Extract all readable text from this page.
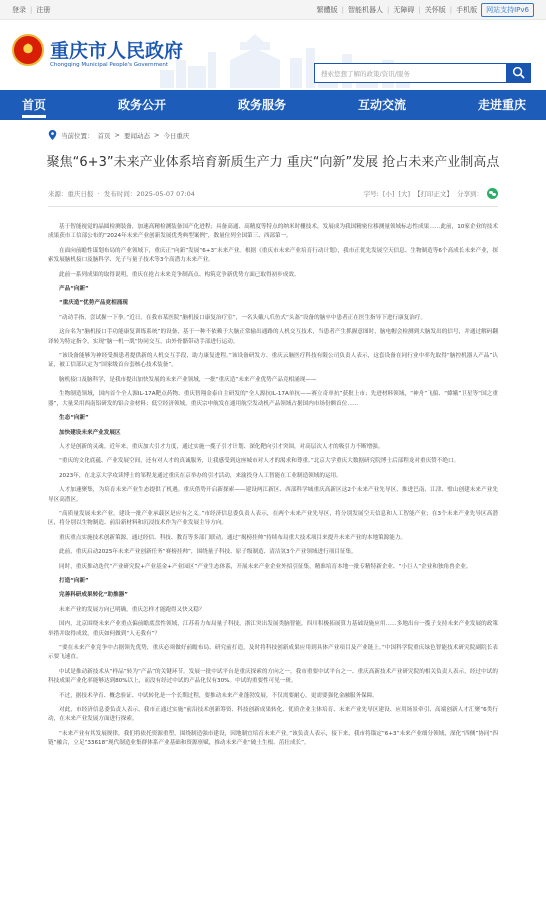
登录 | 注册	繁體版 | 智能机器人 | 无障碍 | 关怀版 | 手机版	网站支持IPv6
★ 重庆市人民政府
Chongqing Municipal People's Government
搜索您想了解的政策/资讯/服务
首页	政务公开	政务服务	互动交流	走进重庆
当前位置： 首页 > 要闻动态 > 今日重庆
聚焦“6+3”未来产业体系培育新质生产力 重庆“向新”发展 抢占未来产业制高点
来源：重庆日报  ·  发布时间：2025-05-07 07:04	字号: [小] [大] 【打印正文】 分享到：

基于智能视觉的晶圆检测装备，加速高精检测装备国产化进程；具备高通、高精度等特点的纳米时栅技术，发展成为我国精密位移测量领域标志性成果……此前，10家企业的技术成果获市工信部公布的“2024年未来产业创新发展优秀典型案例”，数量位列全国第三、西部第一。

在面向前瞻性谋划布局的产业领域下，重庆正“向新”发展“6+3”未来产业。根据《重庆市未来产业培育行动计划》，我市正优先发展空天信息、生物制造等6个高成长未来产业，探索发展脑机接口及脑科学、光子与量子技术等3个高潜力未来产业。

此前一系列成果的取得说明，重庆在抢占未来竞争制高点、构筑竞争新优势方面已取得初步成效。

产品“向新”

“重庆造”优势产品竞相涌现

“动动手指，尝试握一下拳。”近日，在我市某医院“脑机接口康复治疗室”，一名头戴八爪鱼式“头盔”设备的脑卒中患者正在医生指导下进行康复治疗。

这台名为“脑机接口手功能康复训练系统”的设备，基于一种不依赖于大脑正常输出通路的人机交互技术，当患者产生抓握意图时，脑电帽会检测到大脑发出的信号，并通过解码翻译转为特定指令，实现“脑一机一肌”协同交互，由外骨骼带动手部进行运动。

“该设备能够为神经受损患者提供新的人机交互手段，助力康复进程。”该设备研发方、重庆云脑医疗科技有限公司负责人表示，这套设备在同行业中率先取得“脑控机器人产品”认证，被工信部认定为“国家级首台套核心技术装备”。

脑机接口及脑科学，是我市提出加快发展的未来产业领域，一批“重庆造”未来产业优势产品竞相涌现——

生物制造领域，国内首个全人源IL-17A靶点药物、重庆智翔金泰自主研发的“全人源抗IL-17A单抗——赛立奇单抗”获批上市；先进材料领域，“神舟”飞船、“嫦娥”卫星等“国之重器”，大量采用西南铝研发的铝合金材料；低空经济领域，重庆宗申航发在通用航空发动机产品领域占据国内市场份额首位……

生态“向新”

加快建设未来产业发展区

人才是创新的灵魂。近年来，重庆加大引才力度，通过实施一揽子引才计划、深化靶向引才突围，对高层次人才的吸引力不断增强。

“重庆的文化底蕴、产业发展空间，还有对人才的真诚服务，让我感受到这座城市对人才的渴求和尊重。”北京大学重庆大数据研究院博士后部程龙对重庆赞不绝口。

2023年，在北京大学攻读博士的邹程龙通过重庆在京举办的引才活动，来渝投身人工智能在工业制造领域的运用。

人才加速聚集，为培育未来产业生态提供了机遇。重庆借势开启新探索——建设两江新区、西部科学城重庆高新区这2个未来产业先导区，推进巴南、江津、璧山创建未来产业先导区高潜区。

“高质量发展未来产业，建设一批产业承载区是应有之义。”市经济信息委负责人表示，在两个未来产业先导区，将分别发展空天信息和人工智能产业；在3个未来产业先导区高潜区，将分别以生物制造、前沿新材料和沉浸技术作为产业发展主导方向。

重庆重点实施技术创新策源，通过经信、科技、教育等多部门联动，通过“揭榜挂帅”持续布局重大技术项目来提升未来产业的本地策源能力。

此前，重庆启动2025年未来产业创新任务“赛榜挂帅”，围绕量子科技、原子级制造、清洁氢3个产业领域进行项目征集。

同时，重庆推动迭代“产业研究院+产业基金+产业园区”产业生态体系，开展未来产业企业外招引征集，精准培育本地一批专精特新企业、“小巨人”企业和独角兽企业。

打造“向新”

完善科研成果转化“助推器”

未来产业的发展方向已明确，重庆怎样才能跑得又快又稳？

国内，北京围绕未来产业重点偏前瞻底盘性领域，江苏着力布局量子科技，浙江突出发展类脑智能，四川积极拓展算力基础设施应用……多地出台一揽子支持未来产业发展的政策举措并取得成效，重庆如何做到“人无我有”？

“要在未来产业竞争中占据领先优势，重庆必须做好前瞻布局、研究前打造，及时将科技创新成果应用到具体产业项目及产业链上。”中国科学院重庆绿色智能技术研究院副院长表示要飞速直。

中试是推动新技术从“样品”转为“产品”的关键环节。发展一批中试平台是重庆探索的方向之一。我市重要中试平台之一、重庆高新技术产业研究院的相关负责人表示，经过中试的科技成果产业化率能够达到80%以上，而没有经过中试的产品化仅有30%。中试的重要性可见一斑。

不过，据技术孕育、概念验证、中试转化是一个长期过程，要推动未来产业蓬勃发展，不仅需要耐心，更需要强化金融服务保障。

对此，市经济信息委负责人表示，我市正通过实施“前沿技术创新筹资、科技创新成果转化、优质企业主体培育、未来产业先导区建设、应用场景牵引、高端创新人才汇聚”6类行动，在未来产业发展方面进行探索。

“未来产业有其发展规律，我们将依托资源重塑，围绕制造强市建设，因地制宜培育未来产业。”该负责人表示，接下来，我市将锚定“6+3”未来产业细分领域，深化“四侧”协同“四链”融合，立足“33618”现代制造业集群体系产业基础和资源禀赋，推动未来产业“破土生根、茁壮成长”。
